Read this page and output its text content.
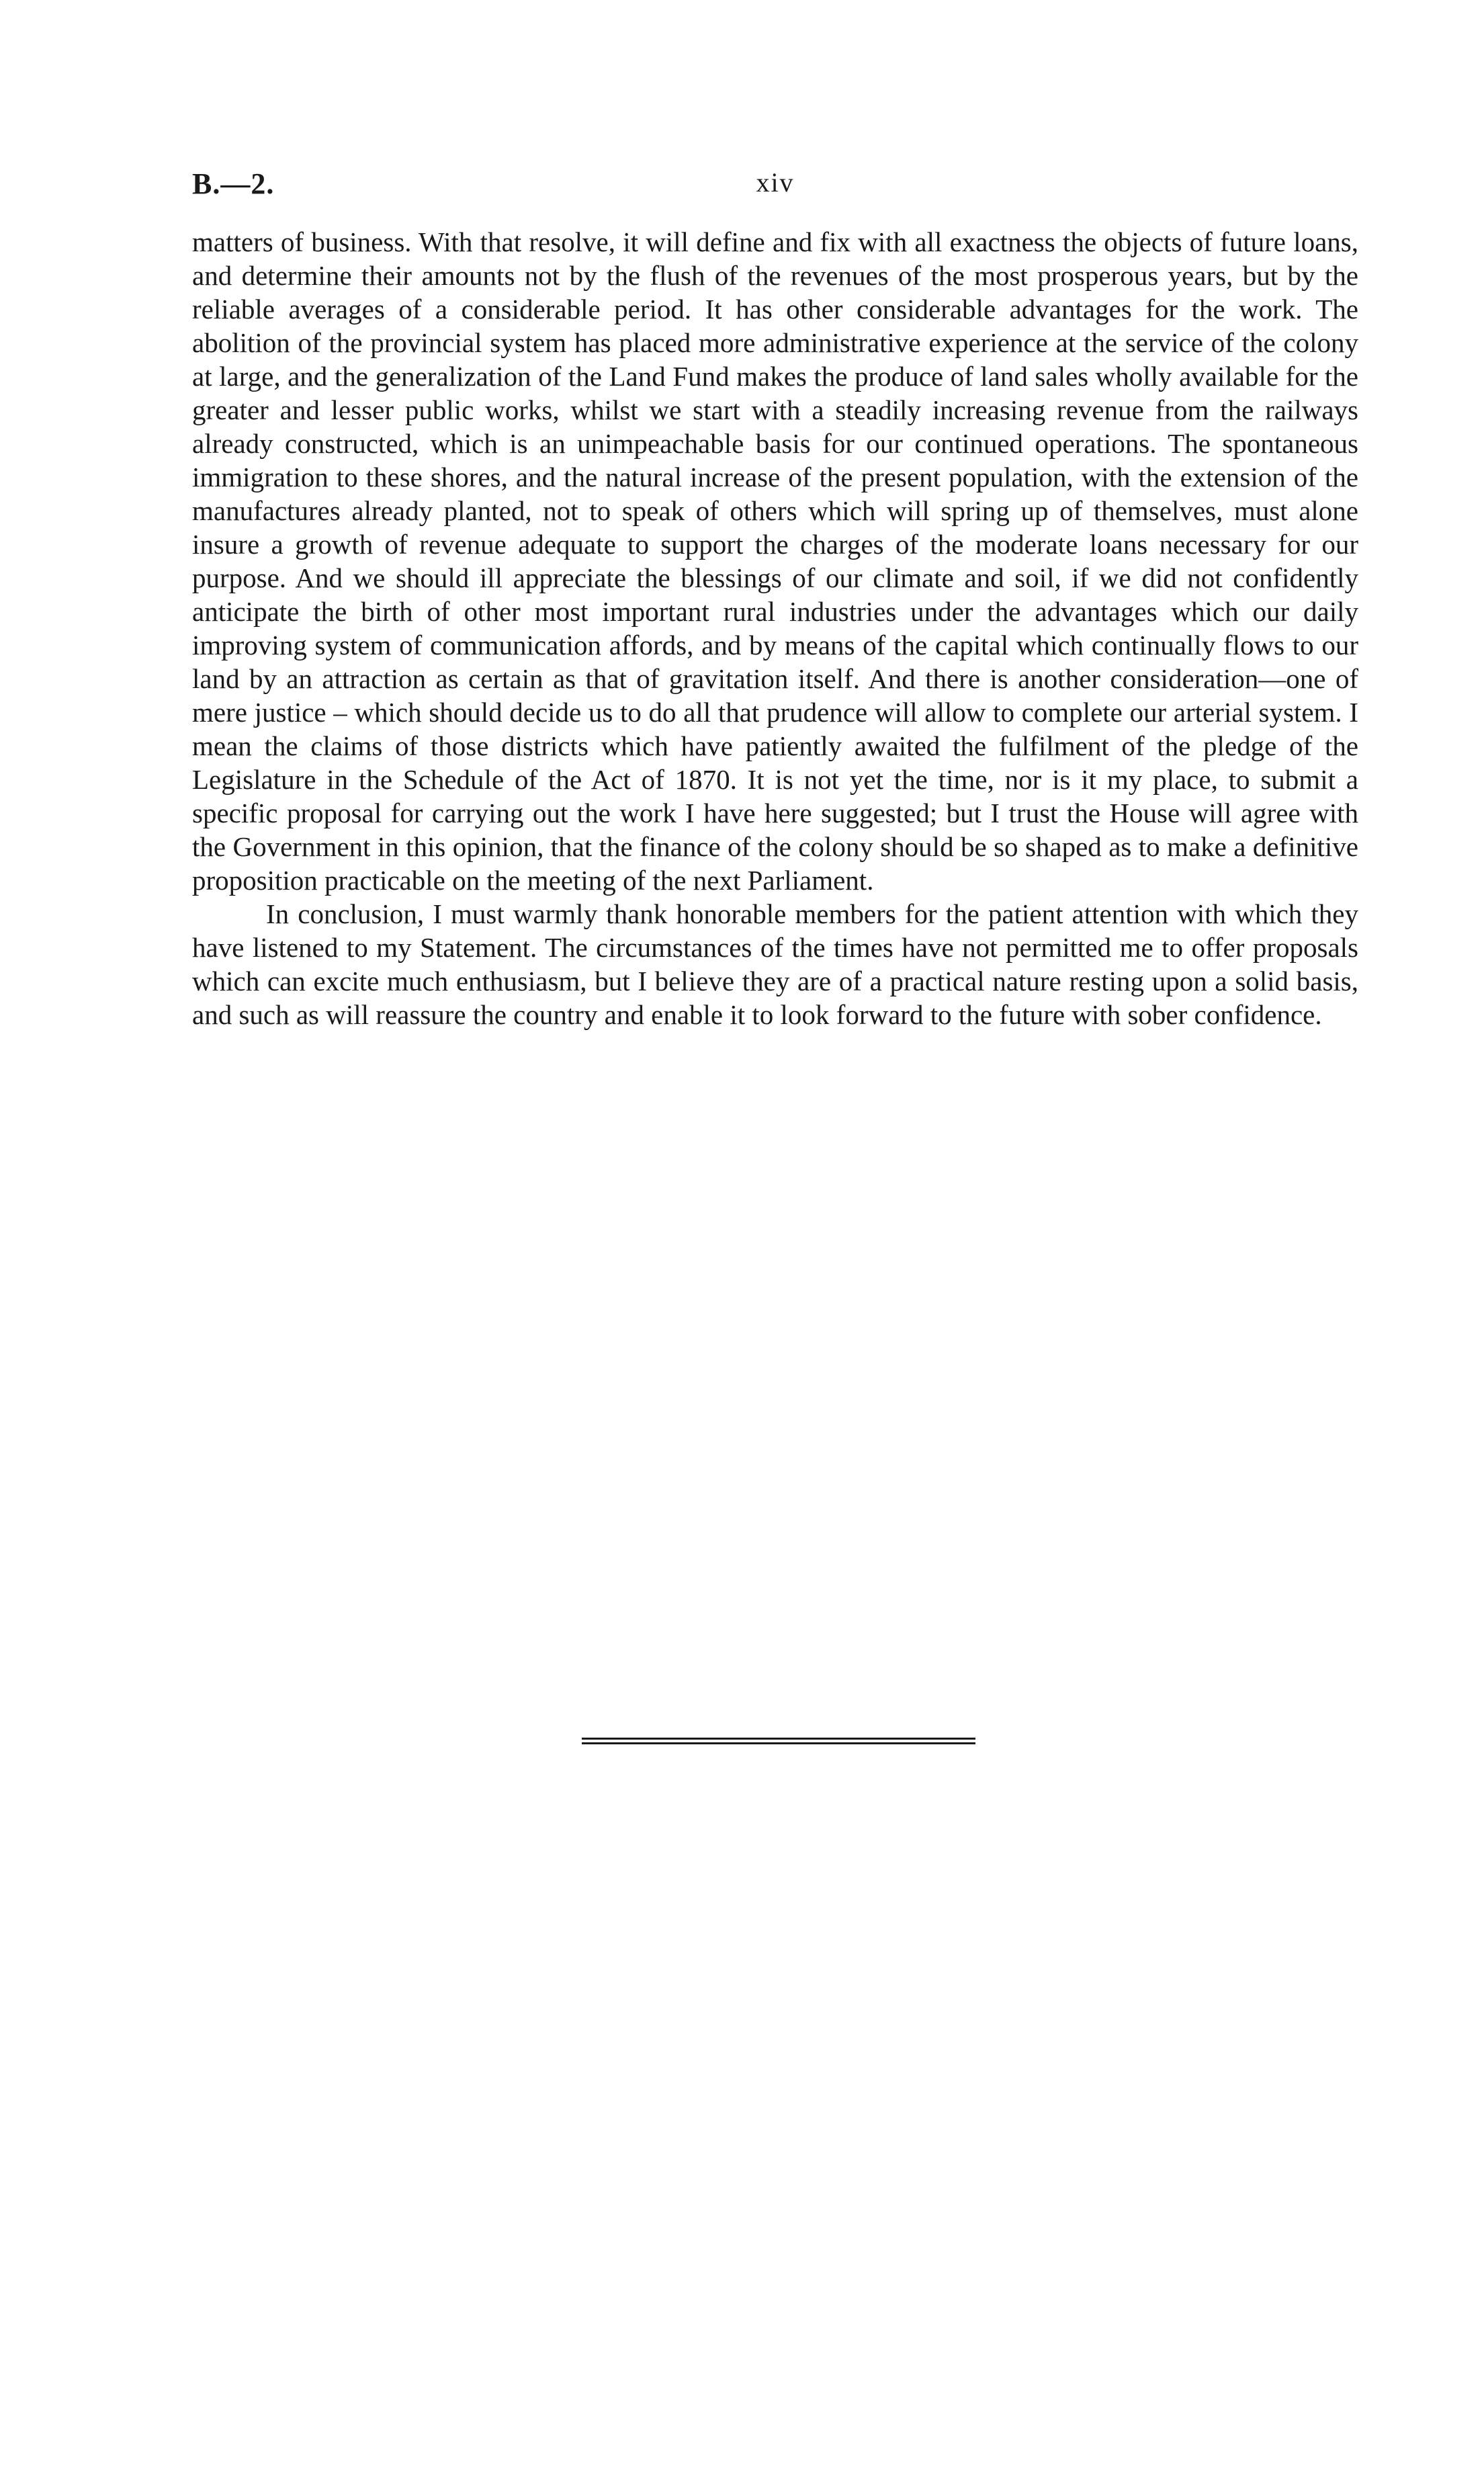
B.—2.	xiv

matters of business. With that resolve, it will define and fix with all exactness the objects of future loans, and determine their amounts not by the flush of the revenues of the most prosperous years, but by the reliable averages of a considerable period. It has other considerable advantages for the work. The abolition of the provincial system has placed more administrative experience at the service of the colony at large, and the generalization of the Land Fund makes the produce of land sales wholly available for the greater and lesser public works, whilst we start with a steadily increasing revenue from the railways already constructed, which is an unimpeachable basis for our continued operations. The spontaneous immigration to these shores, and the natural increase of the present population, with the extension of the manufactures already planted, not to speak of others which will spring up of themselves, must alone insure a growth of revenue adequate to support the charges of the moderate loans necessary for our purpose. And we should ill appreciate the blessings of our climate and soil, if we did not confidently anticipate the birth of other most important rural industries under the advantages which our daily improving system of communication affords, and by means of the capital which continually flows to our land by an attraction as certain as that of gravitation itself. And there is another consideration—one of mere justice – which should decide us to do all that prudence will allow to complete our arterial system. I mean the claims of those districts which have patiently awaited the fulfilment of the pledge of the Legislature in the Schedule of the Act of 1870. It is not yet the time, nor is it my place, to submit a specific proposal for carrying out the work I have here suggested; but I trust the House will agree with the Government in this opinion, that the finance of the colony should be so shaped as to make a definitive proposition practicable on the meeting of the next Parliament.

In conclusion, I must warmly thank honorable members for the patient attention with which they have listened to my Statement. The circumstances of the times have not permitted me to offer proposals which can excite much enthusiasm, but I believe they are of a practical nature resting upon a solid basis, and such as will reassure the country and enable it to look forward to the future with sober confidence.
